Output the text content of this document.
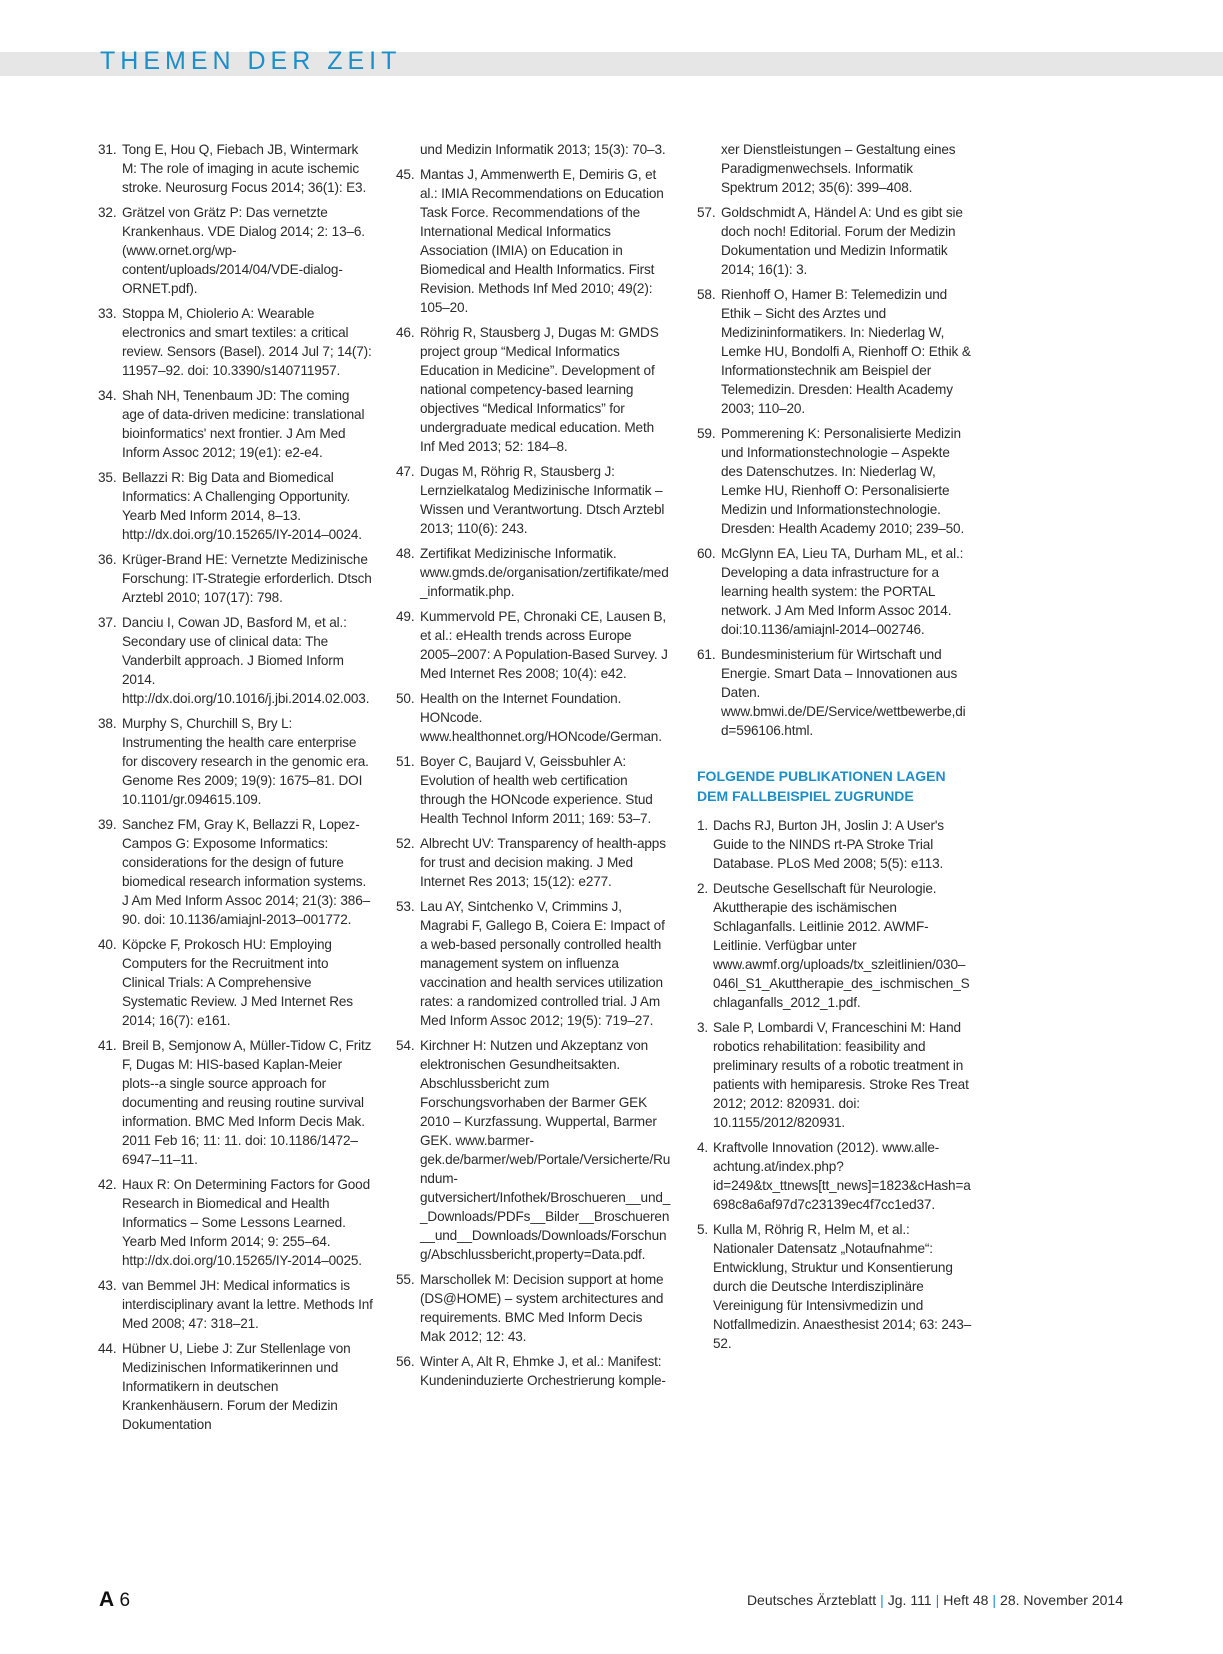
THEMEN DER ZEIT
31. Tong E, Hou Q, Fiebach JB, Wintermark M: The role of imaging in acute ischemic stroke. Neurosurg Focus 2014; 36(1): E3.
32. Grätzel von Grätz P: Das vernetzte Krankenhaus. VDE Dialog 2014; 2: 13–6. (www.ornet.org/wp-content/uploads/2014/04/VDE-dialog-ORNET.pdf).
33. Stoppa M, Chiolerio A: Wearable electronics and smart textiles: a critical review. Sensors (Basel). 2014 Jul 7; 14(7): 11957–92. doi: 10.3390/s140711957.
34. Shah NH, Tenenbaum JD: The coming age of data-driven medicine: translational bioinformatics' next frontier. J Am Med Inform Assoc 2012; 19(e1): e2-e4.
35. Bellazzi R: Big Data and Biomedical Informatics: A Challenging Opportunity. Yearb Med Inform 2014, 8–13. http://dx.doi.org/10.15265/IY-2014–0024.
36. Krüger-Brand HE: Vernetzte Medizinische Forschung: IT-Strategie erforderlich. Dtsch Arztebl 2010; 107(17): 798.
37. Danciu I, Cowan JD, Basford M, et al.: Secondary use of clinical data: The Vanderbilt approach. J Biomed Inform 2014. http://dx.doi.org/10.1016/j.jbi.2014.02.003.
38. Murphy S, Churchill S, Bry L: Instrumenting the health care enterprise for discovery research in the genomic era. Genome Res 2009; 19(9): 1675–81. DOI 10.1101/gr.094615.109.
39. Sanchez FM, Gray K, Bellazzi R, Lopez-Campos G: Exposome Informatics: considerations for the design of future biomedical research information systems. J Am Med Inform Assoc 2014; 21(3): 386–90. doi: 10.1136/amiajnl-2013–001772.
40. Köpcke F, Prokosch HU: Employing Computers for the Recruitment into Clinical Trials: A Comprehensive Systematic Review. J Med Internet Res 2014; 16(7): e161.
41. Breil B, Semjonow A, Müller-Tidow C, Fritz F, Dugas M: HIS-based Kaplan-Meier plots--a single source approach for documenting and reusing routine survival information. BMC Med Inform Decis Mak. 2011 Feb 16; 11: 11. doi: 10.1186/1472–6947–11–11.
42. Haux R: On Determining Factors for Good Research in Biomedical and Health Informatics – Some Lessons Learned. Yearb Med Inform 2014; 9: 255–64. http://dx.doi.org/10.15265/IY-2014–0025.
43. van Bemmel JH: Medical informatics is interdisciplinary avant la lettre. Methods Inf Med 2008; 47: 318–21.
44. Hübner U, Liebe J: Zur Stellenlage von Medizinischen Informatikerinnen und Informatikern in deutschen Krankenhäusern. Forum der Medizin Dokumentation
und Medizin Informatik 2013; 15(3): 70–3.
45. Mantas J, Ammenwerth E, Demiris G, et al.: IMIA Recommendations on Education Task Force. Recommendations of the International Medical Informatics Association (IMIA) on Education in Biomedical and Health Informatics. First Revision. Methods Inf Med 2010; 49(2): 105–20.
46. Röhrig R, Stausberg J, Dugas M: GMDS project group “Medical Informatics Education in Medicine”. Development of national competency-based learning objectives “Medical Informatics” for undergraduate medical education. Meth Inf Med 2013; 52: 184–8.
47. Dugas M, Röhrig R, Stausberg J: Lernzielkatalog Medizinische Informatik – Wissen und Verantwortung. Dtsch Arztebl 2013; 110(6): 243.
48. Zertifikat Medizinische Informatik. www.gmds.de/organisation/zertifikate/med_informatik.php.
49. Kummervold PE, Chronaki CE, Lausen B, et al.: eHealth trends across Europe 2005–2007: A Population-Based Survey. J Med Internet Res 2008; 10(4): e42.
50. Health on the Internet Foundation. HONcode. www.healthonnet.org/HONcode/German.
51. Boyer C, Baujard V, Geissbuhler A: Evolution of health web certification through the HONcode experience. Stud Health Technol Inform 2011; 169: 53–7.
52. Albrecht UV: Transparency of health-apps for trust and decision making. J Med Internet Res 2013; 15(12): e277.
53. Lau AY, Sintchenko V, Crimmins J, Magrabi F, Gallego B, Coiera E: Impact of a web-based personally controlled health management system on influenza vaccination and health services utilization rates: a randomized controlled trial. J Am Med Inform Assoc 2012; 19(5): 719–27.
54. Kirchner H: Nutzen und Akzeptanz von elektronischen Gesundheitsakten. Abschlussbericht zum Forschungsvorhaben der Barmer GEK 2010 – Kurzfassung. Wuppertal, Barmer GEK. www.barmer-gek.de/barmer/web/Portale/Versicherte/Rundum-gutversichert/Infothek/Broschueren__und__Downloads/PDFs__Bilder__Broschueren__und__Downloads/Downloads/Forschung/Abschlussbericht,property=Data.pdf.
55. Marschollek M: Decision support at home (DS@HOME) – system architectures and requirements. BMC Med Inform Decis Mak 2012; 12: 43.
56. Winter A, Alt R, Ehmke J, et al.: Manifest: Kundeninduzierte Orchestrierung komple-
xer Dienstleistungen – Gestaltung eines Paradigmenwechsels. Informatik Spektrum 2012; 35(6): 399–408.
57. Goldschmidt A, Händel A: Und es gibt sie doch noch! Editorial. Forum der Medizin Dokumentation und Medizin Informatik 2014; 16(1): 3.
58. Rienhoff O, Hamer B: Telemedizin und Ethik – Sicht des Arztes und Medizininformatikers. In: Niederlag W, Lemke HU, Bondolfi A, Rienhoff O: Ethik & Informationstechnik am Beispiel der Telemedizin. Dresden: Health Academy 2003; 110–20.
59. Pommerening K: Personalisierte Medizin und Informationstechnologie – Aspekte des Datenschutzes. In: Niederlag W, Lemke HU, Rienhoff O: Personalisierte Medizin und Informationstechnologie. Dresden: Health Academy 2010; 239–50.
60. McGlynn EA, Lieu TA, Durham ML, et al.: Developing a data infrastructure for a learning health system: the PORTAL network. J Am Med Inform Assoc 2014. doi:10.1136/amiajnl-2014–002746.
61. Bundesministerium für Wirtschaft und Energie. Smart Data – Innovationen aus Daten. www.bmwi.de/DE/Service/wettbewerbe,did=596106.html.
FOLGENDE PUBLIKATIONEN LAGEN DEM FALLBEISPIEL ZUGRUNDE
1. Dachs RJ, Burton JH, Joslin J: A User's Guide to the NINDS rt-PA Stroke Trial Database. PLoS Med 2008; 5(5): e113.
2. Deutsche Gesellschaft für Neurologie. Akuttherapie des ischämischen Schlaganfalls. Leitlinie 2012. AWMF-Leitlinie. Verfügbar unter www.awmf.org/uploads/tx_szleitlinien/030–046l_S1_Akuttherapie_des_ischmischen_Schlaganfalls_2012_1.pdf.
3. Sale P, Lombardi V, Franceschini M: Hand robotics rehabilitation: feasibility and preliminary results of a robotic treatment in patients with hemiparesis. Stroke Res Treat 2012; 2012: 820931. doi: 10.1155/2012/820931.
4. Kraftvolle Innovation (2012). www.alle-achtung.at/index.php?id=249&tx_ttnews[tt_news]=1823&cHash=a698c8a6af97d7c23139ec4f7cc1ed37.
5. Kulla M, Röhrig R, Helm M, et al.: Nationaler Datensatz „Notaufnahme“: Entwicklung, Struktur und Konsentierung durch die Deutsche Interdisziplinäre Vereinigung für Intensivmedizin und Notfallmedizin. Anaesthesist 2014; 63: 243–52.
A 6	Deutsches Ärzteblatt | Jg. 111 | Heft 48 | 28. November 2014
